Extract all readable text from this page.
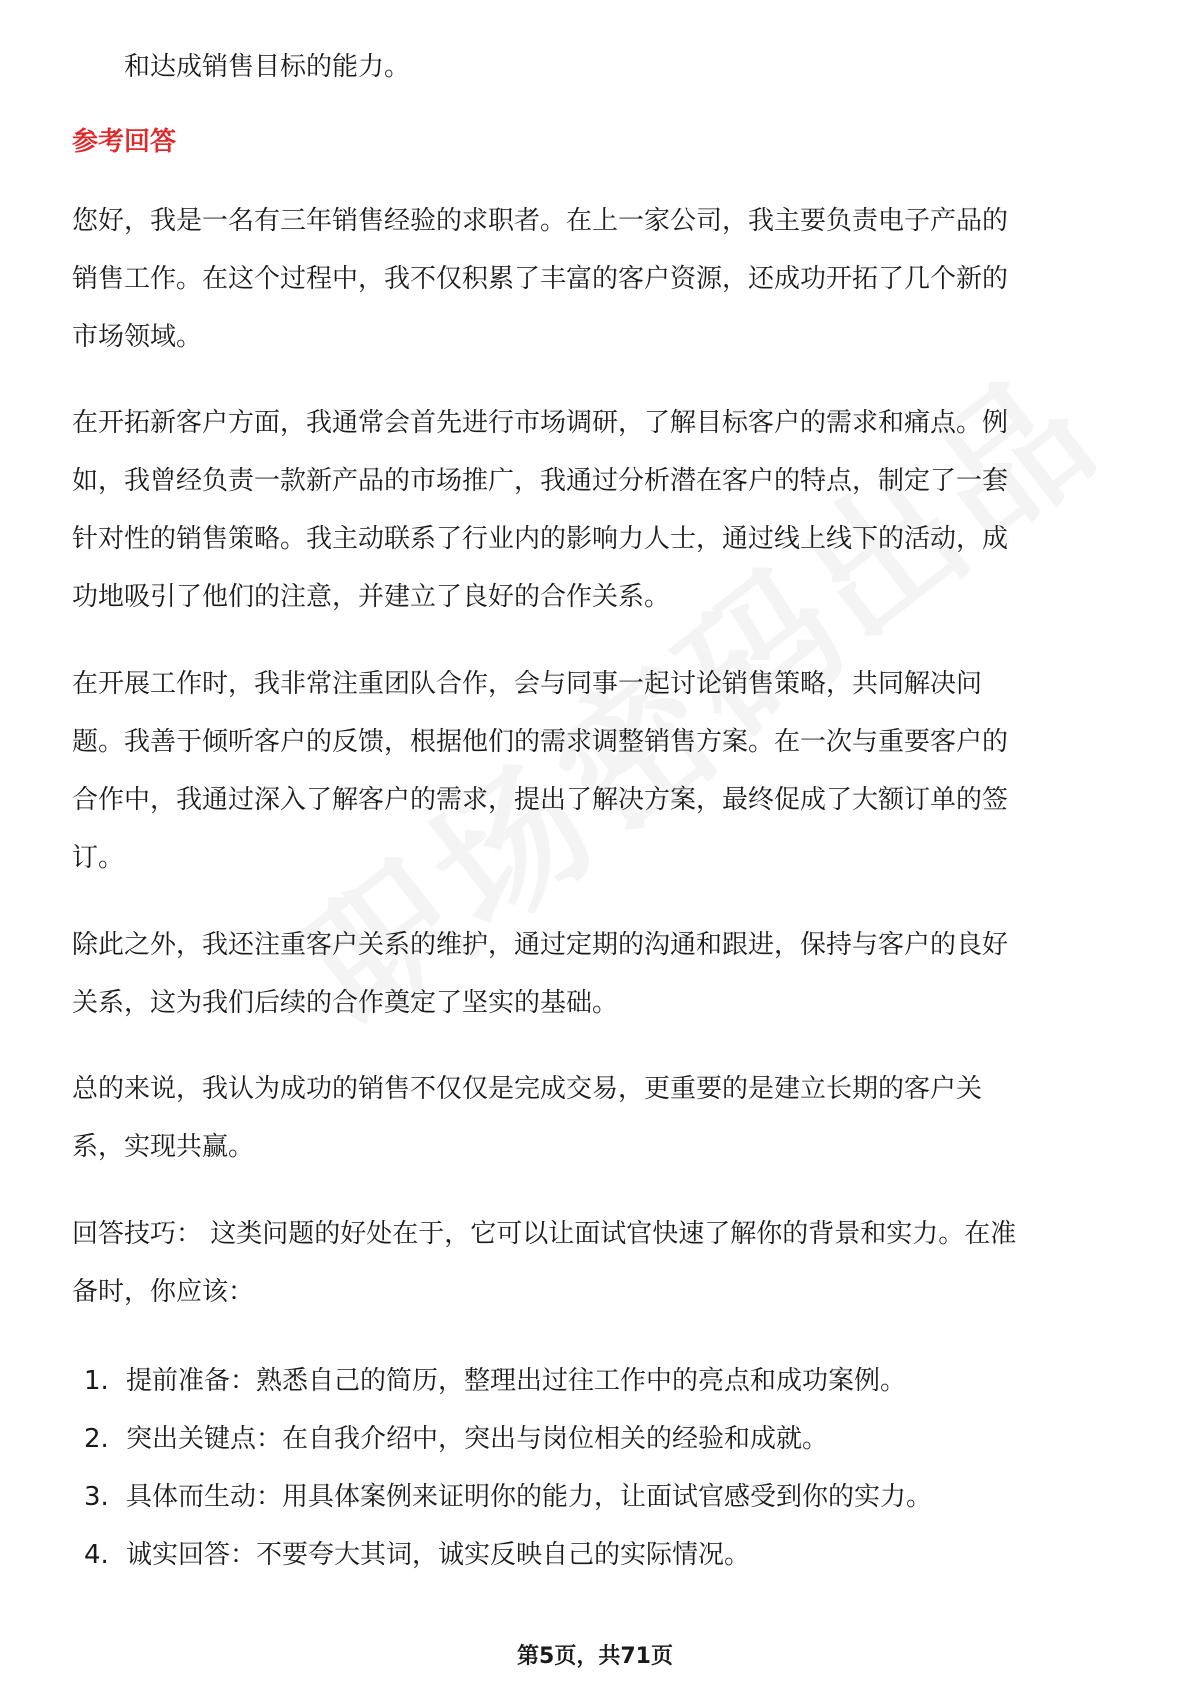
和达成销售目标的能力。

参考回答

您好，我是一名有三年销售经验的求职者。在上一家公司，我主要负责电子产品的

销售工作。在这个过程中，我不仅积累了丰富的客户资源，还成功开拓了几个新的

市场领域。

在开拓新客户方面，我通常会首先进行市场调研，了解目标客户的需求和痛点。例

如，我曾经负责一款新产品的市场推广，我通过分析潜在客户的特点，制定了一套

针对性的销售策略。我主动联系了行业内的影响力人士，通过线上线下的活动，成

功地吸引了他们的注意，并建立了良好的合作关系。

在开展工作时，我非常注重团队合作，会与同事一起讨论销售策略，共同解决问

题。我善于倾听客户的反馈，根据他们的需求调整销售方案。在一次与重要客户的

合作中，我通过深入了解客户的需求，提出了解决方案，最终促成了大额订单的签

订。

除此之外，我还注重客户关系的维护，通过定期的沟通和跟进，保持与客户的良好

关系，这为我们后续的合作奠定了坚实的基础。

总的来说，我认为成功的销售不仅仅是完成交易，更重要的是建立长期的客户关

系，实现共赢。

回答技巧： 这类问题的好处在于，它可以让面试官快速了解你的背景和实力。在准

备时，你应该：

1. 提前准备：熟悉自己的简历，整理出过往工作中的亮点和成功案例。
2. 突出关键点：在自我介绍中，突出与岗位相关的经验和成就。
3. 具体而生动：用具体案例来证明你的能力，让面试官感受到你的实力。
4. 诚实回答：不要夸大其词，诚实反映自己的实际情况。
第5页，共71页
